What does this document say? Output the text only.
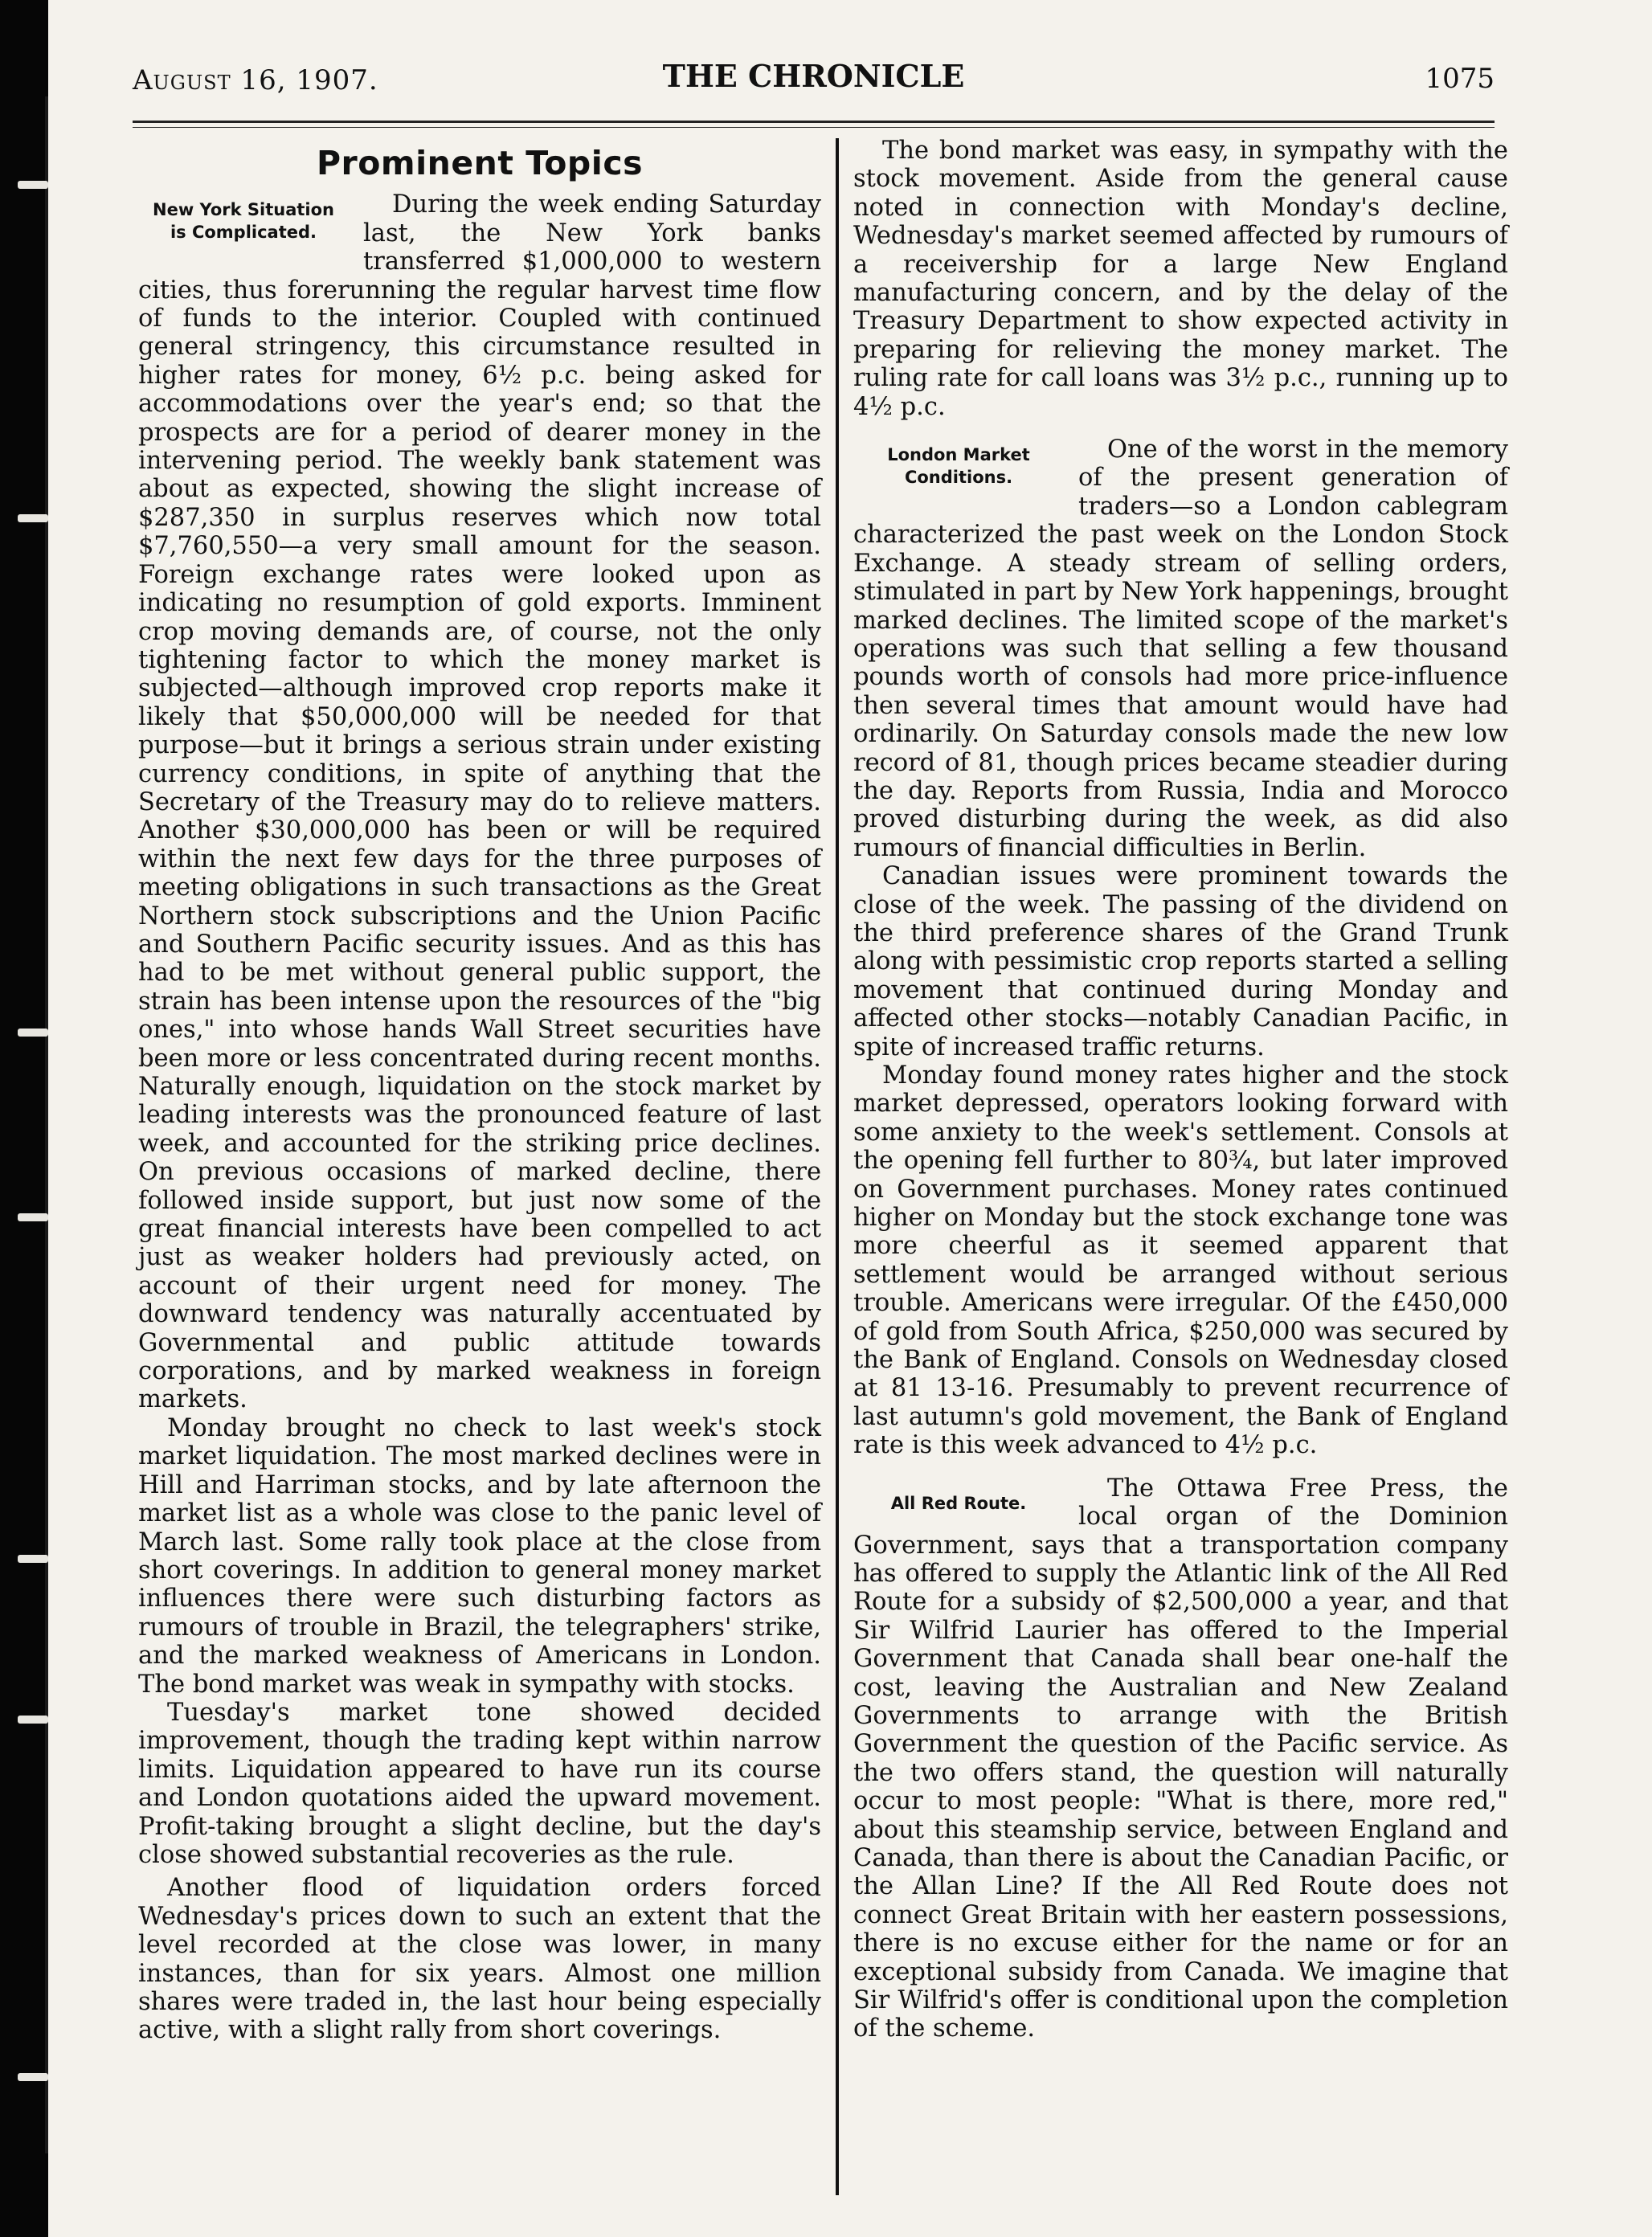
August 16, 1907.	THE CHRONICLE	1075
Prominent Topics
New York Situation
is Complicated.

During the week ending Saturday last, the New York banks transferred $1,000,000 to western cities, thus forerunning the regular harvest time flow of funds to the interior. Coupled with continued general stringency, this circumstance resulted in higher rates for money, 6½ p.c. being asked for accommodations over the year's end; so that the prospects are for a period of dearer money in the intervening period. The weekly bank statement was about as expected, showing the slight increase of $287,350 in surplus reserves which now total $7,760,550—a very small amount for the season. Foreign exchange rates were looked upon as indicating no resumption of gold exports. Imminent crop moving demands are, of course, not the only tightening factor to which the money market is subjected—although improved crop reports make it likely that $50,000,000 will be needed for that purpose—but it brings a serious strain under existing currency conditions, in spite of anything that the Secretary of the Treasury may do to relieve matters. Another $30,000,000 has been or will be required within the next few days for the three purposes of meeting obligations in such transactions as the Great Northern stock subscriptions and the Union Pacific and Southern Pacific security issues. And as this has had to be met without general public support, the strain has been intense upon the resources of the "big ones," into whose hands Wall Street securities have been more or less concentrated during recent months. Naturally enough, liquidation on the stock market by leading interests was the pronounced feature of last week, and accounted for the striking price declines. On previous occasions of marked decline, there followed inside support, but just now some of the great financial interests have been compelled to act just as weaker holders had previously acted, on account of their urgent need for money. The downward tendency was naturally accentuated by Governmental and public attitude towards corporations, and by marked weakness in foreign markets.

Monday brought no check to last week's stock market liquidation. The most marked declines were in Hill and Harriman stocks, and by late afternoon the market list as a whole was close to the panic level of March last. Some rally took place at the close from short coverings. In addition to general money market influences there were such disturbing factors as rumours of trouble in Brazil, the telegraphers' strike, and the marked weakness of Americans in London. The bond market was weak in sympathy with stocks.

Tuesday's market tone showed decided improvement, though the trading kept within narrow limits. Liquidation appeared to have run its course and London quotations aided the upward movement. Profit-taking brought a slight decline, but the day's close showed substantial recoveries as the rule.

Another flood of liquidation orders forced Wednesday's prices down to such an extent that the level recorded at the close was lower, in many instances, than for six years. Almost one million shares were traded in, the last hour being especially active, with a slight rally from short coverings.

The bond market was easy, in sympathy with the stock movement. Aside from the general cause noted in connection with Monday's decline, Wednesday's market seemed affected by rumours of a receivership for a large New England manufacturing concern, and by the delay of the Treasury Department to show expected activity in preparing for relieving the money market. The ruling rate for call loans was 3½ p.c., running up to 4½ p.c.

London Market
Conditions.

One of the worst in the memory of the present generation of traders—so a London cablegram characterized the past week on the London Stock Exchange. A steady stream of selling orders, stimulated in part by New York happenings, brought marked declines. The limited scope of the market's operations was such that selling a few thousand pounds worth of consols had more price-influence then several times that amount would have had ordinarily. On Saturday consols made the new low record of 81, though prices became steadier during the day. Reports from Russia, India and Morocco proved disturbing during the week, as did also rumours of financial difficulties in Berlin.

Canadian issues were prominent towards the close of the week. The passing of the dividend on the third preference shares of the Grand Trunk along with pessimistic crop reports started a selling movement that continued during Monday and affected other stocks—notably Canadian Pacific, in spite of increased traffic returns.

Monday found money rates higher and the stock market depressed, operators looking forward with some anxiety to the week's settlement. Consols at the opening fell further to 80¾, but later improved on Government purchases. Money rates continued higher on Monday but the stock exchange tone was more cheerful as it seemed apparent that settlement would be arranged without serious trouble. Americans were irregular. Of the £450,000 of gold from South Africa, $250,000 was secured by the Bank of England. Consols on Wednesday closed at 81 13-16. Presumably to prevent recurrence of last autumn's gold movement, the Bank of England rate is this week advanced to 4½ p.c.

All Red Route.

The Ottawa Free Press, the local organ of the Dominion Government, says that a transportation company has offered to supply the Atlantic link of the All Red Route for a subsidy of $2,500,000 a year, and that Sir Wilfrid Laurier has offered to the Imperial Government that Canada shall bear one-half the cost, leaving the Australian and New Zealand Governments to arrange with the British Government the question of the Pacific service. As the two offers stand, the question will naturally occur to most people: "What is there, more red," about this steamship service, between England and Canada, than there is about the Canadian Pacific, or the Allan Line? If the All Red Route does not connect Great Britain with her eastern possessions, there is no excuse either for the name or for an exceptional subsidy from Canada. We imagine that Sir Wilfrid's offer is conditional upon the completion of the scheme.
